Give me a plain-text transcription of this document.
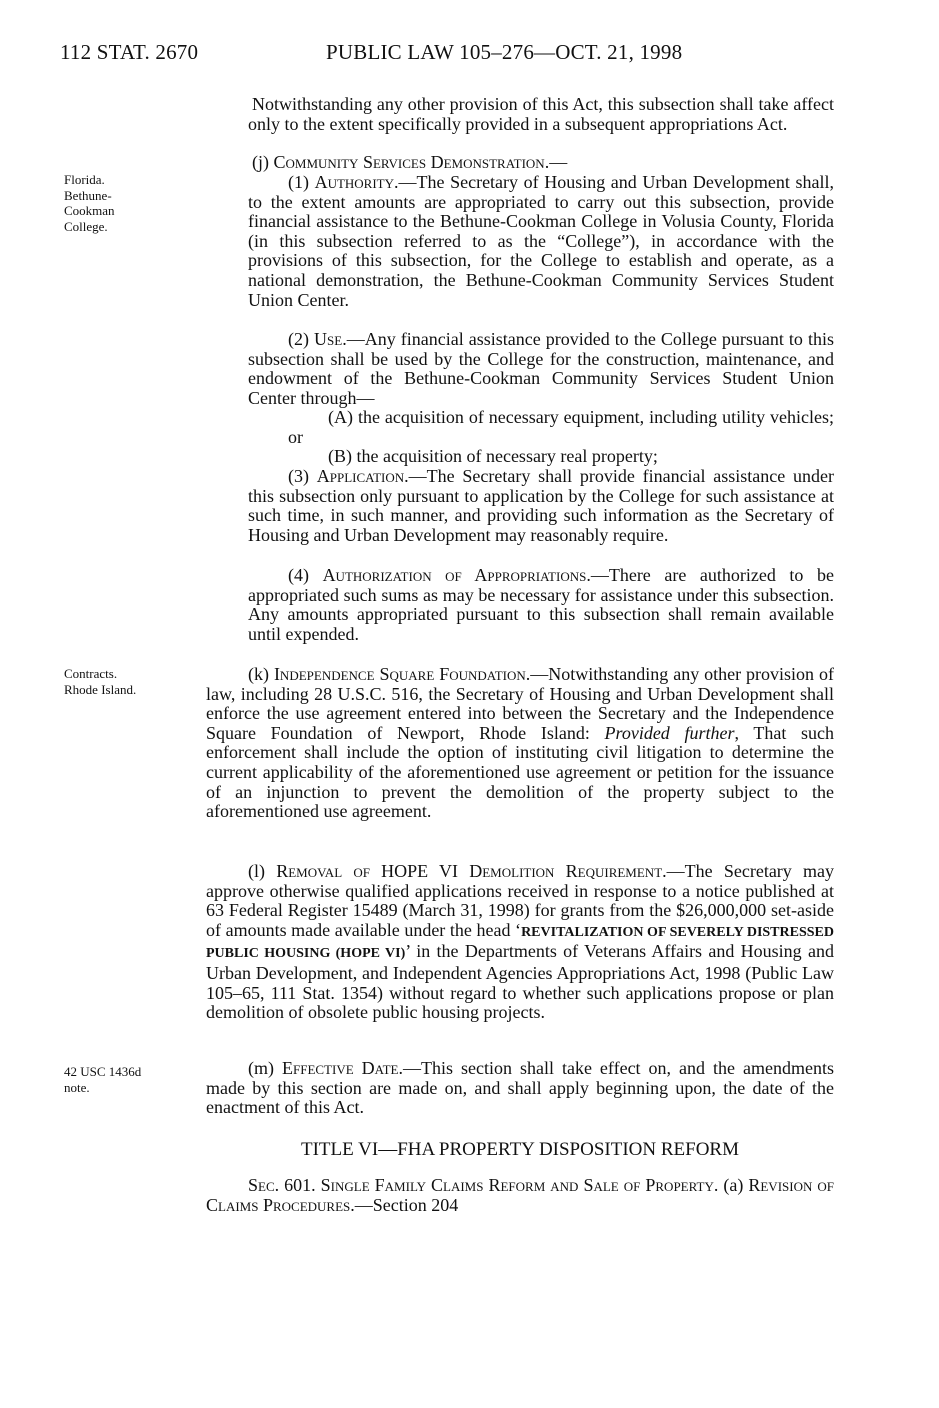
112 STAT. 2670	PUBLIC LAW 105–276—OCT. 21, 1998
Florida.
Bethune-
Cookman
College.
Contracts.
Rhode Island.
42 USC 1436d
note.

Notwithstanding any other provision of this Act, this subsection shall take affect only to the extent specifically provided in a subsequent appropriations Act.

(j) Community Services Demonstration.—

(1) Authority.—The Secretary of Housing and Urban Development shall, to the extent amounts are appropriated to carry out this subsection, provide financial assistance to the Bethune-Cookman College in Volusia County, Florida (in this subsection referred to as the “College”), in accordance with the provisions of this subsection, for the College to establish and operate, as a national demonstration, the Bethune-Cookman Community Services Student Union Center.

(2) Use.—Any financial assistance provided to the College pursuant to this subsection shall be used by the College for the construction, maintenance, and endowment of the Bethune-Cookman Community Services Student Union Center through—

(A) the acquisition of necessary equipment, including utility vehicles; or

(B) the acquisition of necessary real property;

(3) Application.—The Secretary shall provide financial assistance under this subsection only pursuant to application by the College for such assistance at such time, in such manner, and providing such information as the Secretary of Housing and Urban Development may reasonably require.

(4) Authorization of Appropriations.—There are authorized to be appropriated such sums as may be necessary for assistance under this subsection. Any amounts appropriated pursuant to this subsection shall remain available until expended.

(k) Independence Square Foundation.—Notwithstanding any other provision of law, including 28 U.S.C. 516, the Secretary of Housing and Urban Development shall enforce the use agreement entered into between the Secretary and the Independence Square Foundation of Newport, Rhode Island: Provided further, That such enforcement shall include the option of instituting civil litigation to determine the current applicability of the aforementioned use agreement or petition for the issuance of an injunction to prevent the demolition of the property subject to the aforementioned use agreement.

(l) Removal of HOPE VI Demolition Requirement.—The Secretary may approve otherwise qualified applications received in response to a notice published at 63 Federal Register 15489 (March 31, 1998) for grants from the $26,000,000 set-aside of amounts made available under the head ‘REVITALIZATION OF SEVERELY DISTRESSED PUBLIC HOUSING (HOPE VI)’ in the Departments of Veterans Affairs and Housing and Urban Development, and Independent Agencies Appropriations Act, 1998 (Public Law 105–65, 111 Stat. 1354) without regard to whether such applications propose or plan demolition of obsolete public housing projects.

(m) Effective Date.—This section shall take effect on, and the amendments made by this section are made on, and shall apply beginning upon, the date of the enactment of this Act.

TITLE VI—FHA PROPERTY DISPOSITION REFORM

Sec. 601. Single Family Claims Reform and Sale of Property. (a) Revision of Claims Procedures.—Section 204
